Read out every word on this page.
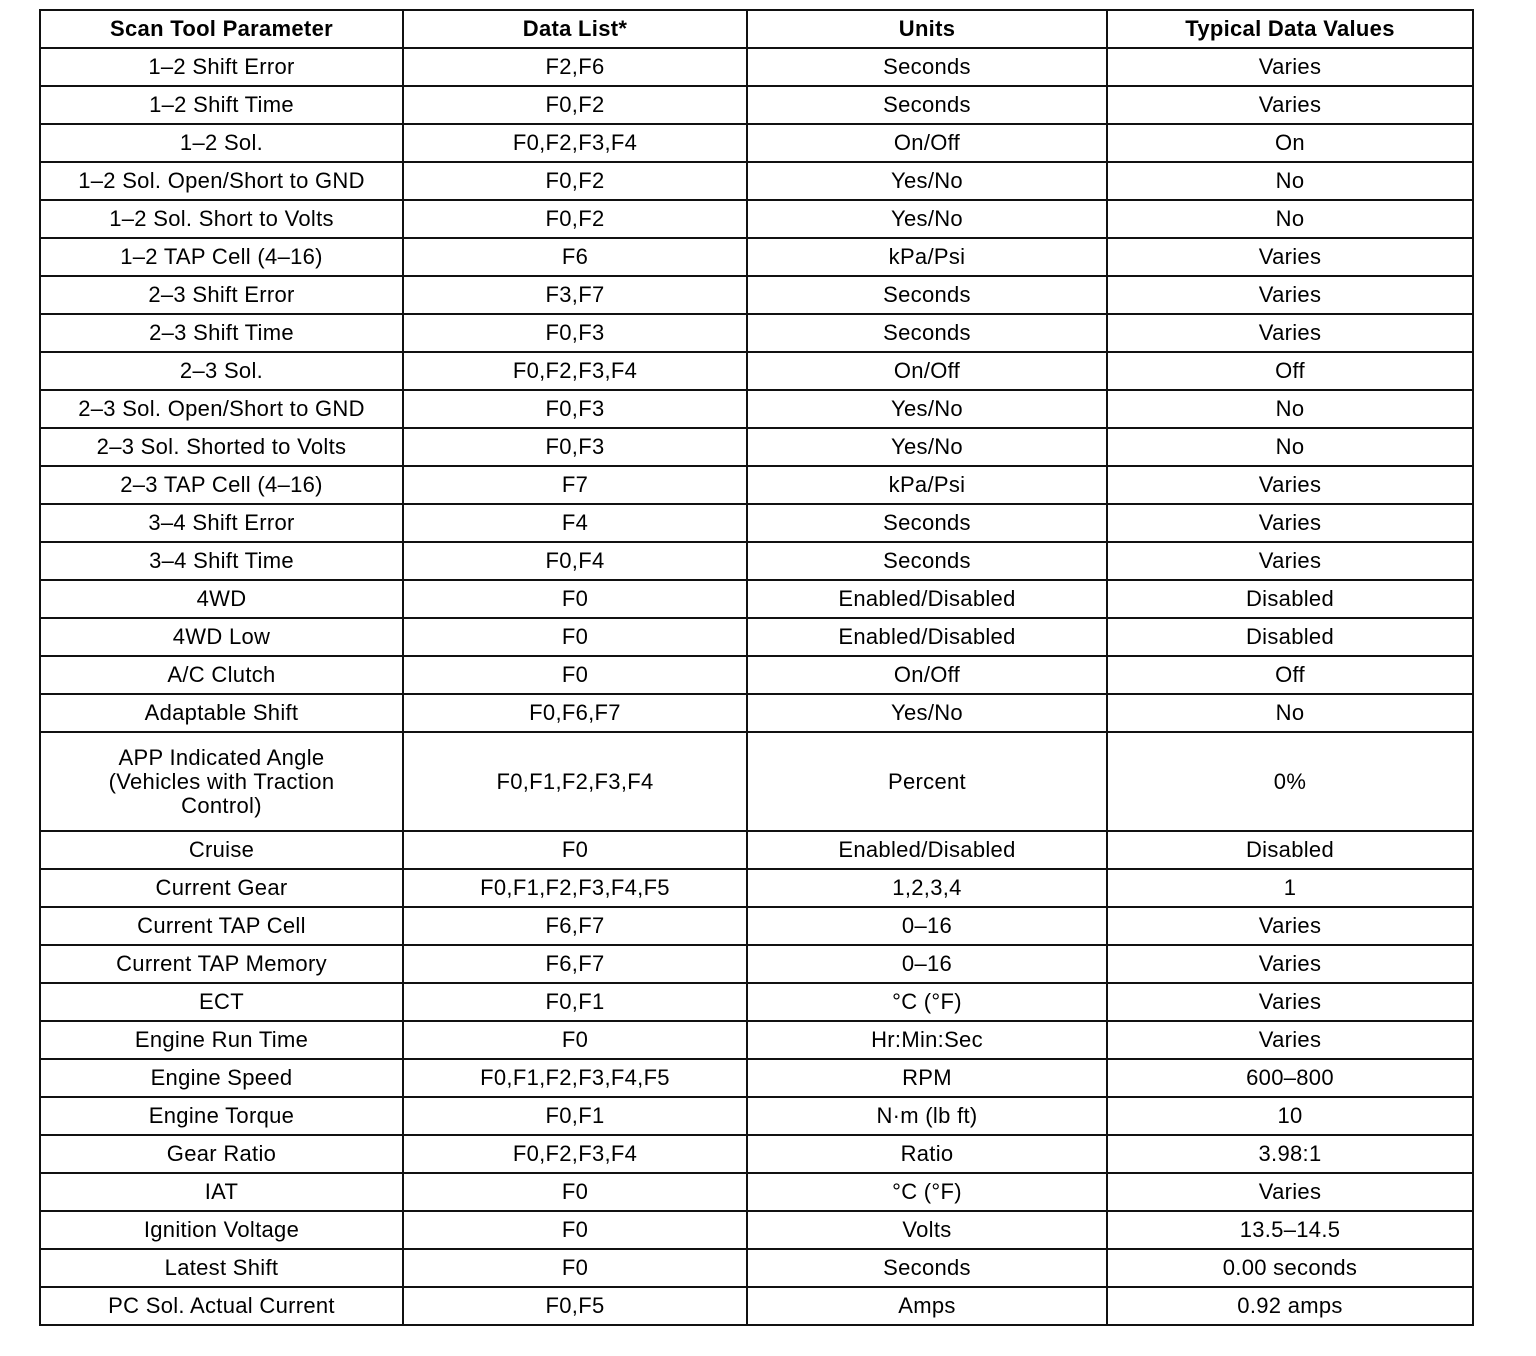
Scan Tool Parameter	Data List*	Units	Typical Data Values
1–2 Shift Error	F2,F6	Seconds	Varies
1–2 Shift Time	F0,F2	Seconds	Varies
1–2 Sol.	F0,F2,F3,F4	On/Off	On
1–2 Sol. Open/Short to GND	F0,F2	Yes/No	No
1–2 Sol. Short to Volts	F0,F2	Yes/No	No
1–2 TAP Cell (4–16)	F6	kPa/Psi	Varies
2–3 Shift Error	F3,F7	Seconds	Varies
2–3 Shift Time	F0,F3	Seconds	Varies
2–3 Sol.	F0,F2,F3,F4	On/Off	Off
2–3 Sol. Open/Short to GND	F0,F3	Yes/No	No
2–3 Sol. Shorted to Volts	F0,F3	Yes/No	No
2–3 TAP Cell (4–16)	F7	kPa/Psi	Varies
3–4 Shift Error	F4	Seconds	Varies
3–4 Shift Time	F0,F4	Seconds	Varies
4WD	F0	Enabled/Disabled	Disabled
4WD Low	F0	Enabled/Disabled	Disabled
A/C Clutch	F0	On/Off	Off
Adaptable Shift	F0,F6,F7	Yes/No	No

APP Indicated Angle
(Vehicles with Traction
Control)	F0,F1,F2,F3,F4	Percent	0%
Cruise	F0	Enabled/Disabled	Disabled
Current Gear	F0,F1,F2,F3,F4,F5	1,2,3,4	1
Current TAP Cell	F6,F7	0–16	Varies
Current TAP Memory	F6,F7	0–16	Varies
ECT	F0,F1	°C (°F)	Varies
Engine Run Time	F0	Hr:Min:Sec	Varies
Engine Speed	F0,F1,F2,F3,F4,F5	RPM	600–800
Engine Torque	F0,F1	N·m (lb ft)	10
Gear Ratio	F0,F2,F3,F4	Ratio	3.98:1
IAT	F0	°C (°F)	Varies
Ignition Voltage	F0	Volts	13.5–14.5
Latest Shift	F0	Seconds	0.00 seconds
PC Sol. Actual Current	F0,F5	Amps	0.92 amps
